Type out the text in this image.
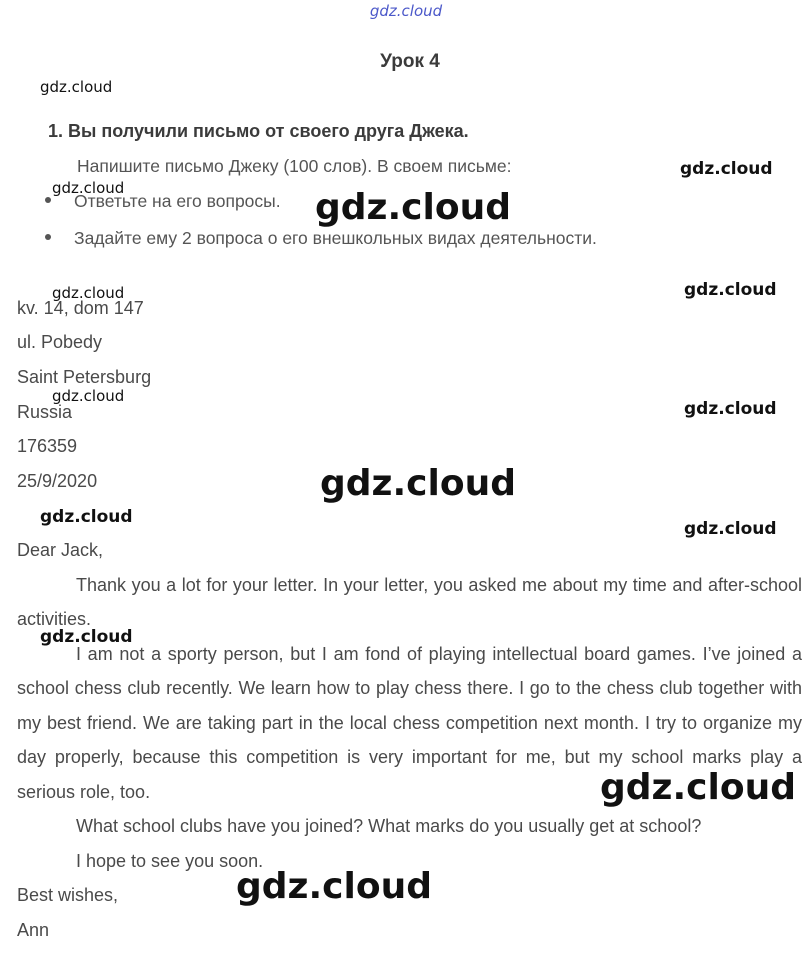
gdz.cloud
Урок 4
1. Вы получили письмо от своего друга Джека.
Напишите письмо Джеку (100 слов). В своем письме:
Ответьте на его вопросы.
Задайте ему 2 вопроса о его внешкольных видах деятельности.
kv. 14, dom 147
ul. Pobedy
Saint Petersburg
Russia
176359
25/9/2020
Dear Jack,
Thank you a lot for your letter. In your letter, you asked me about my time and after-school activities.
I am not a sporty person, but I am fond of playing intellectual board games. I’ve joined a school chess club recently. We learn how to play chess there. I go to the chess club together with my best friend. We are taking part in the local chess competition next month. I try to organize my day properly, because this competition is very important for me, but my school marks play a serious role, too.
What school clubs have you joined? What marks do you usually get at school?
I hope to see you soon.
Best wishes,
Ann
gdz.cloud
gdz.cloud
gdz.cloud
gdz.cloud
gdz.cloud
gdz.cloud
gdz.cloud
gdz.cloud
gdz.cloud
gdz.cloud
gdz.cloud
gdz.cloud
gdz.cloud
gdz.cloud
